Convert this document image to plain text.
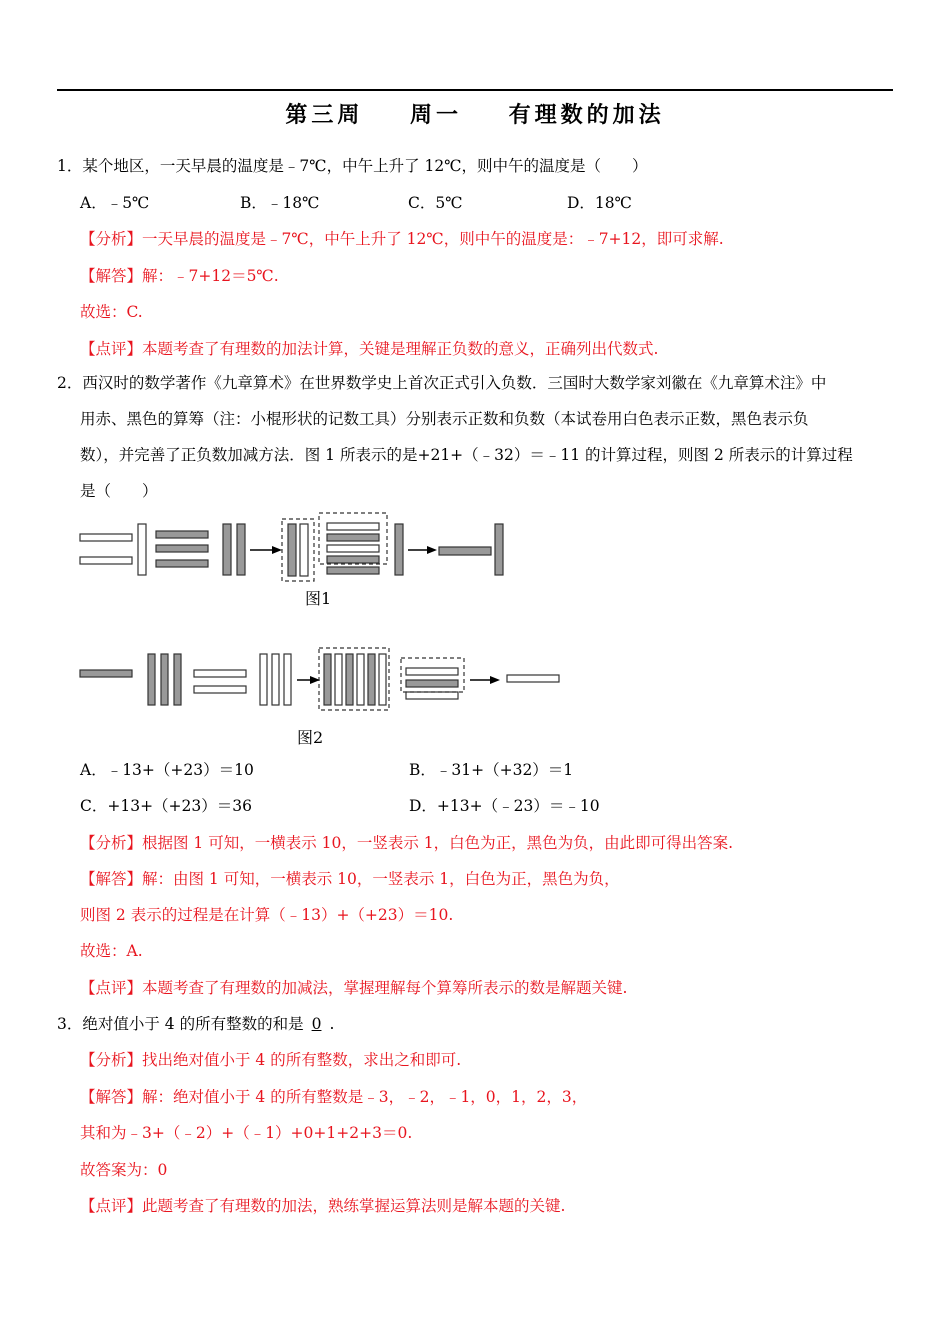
第三周    周一    有理数的加法
1．某个地区，一天早晨的温度是﹣7℃，中午上升了 12℃，则中午的温度是（　　）
A．﹣5℃	B．﹣18℃	C．5℃	D．18℃
【分析】一天早晨的温度是﹣7℃，中午上升了 12℃，则中午的温度是：﹣7+12，即可求解.
【解答】解：﹣7+12＝5℃.
故选：C.
【点评】本题考查了有理数的加法计算，关键是理解正负数的意义，正确列出代数式.
2．西汉时的数学著作《九章算术》在世界数学史上首次正式引入负数．三国时大数学家刘徽在《九章算术注》中
用赤、黑色的算筹（注：小棍形状的记数工具）分别表示正数和负数（本试卷用白色表示正数，黑色表示负
数），并完善了正负数加减方法．图 1 所表示的是+21+（﹣32）＝﹣11 的计算过程，则图 2 所表示的计算过程
是（　　）
图1
图2
A．﹣13+（+23）＝10	B．﹣31+（+32）＝1
C．+13+（+23）＝36	D．+13+（﹣23）＝﹣10
【分析】根据图 1 可知，一横表示 10，一竖表示 1，白色为正，黑色为负，由此即可得出答案.
【解答】解：由图 1 可知，一横表示 10，一竖表示 1，白色为正，黑色为负，
则图 2 表示的过程是在计算（﹣13）+（+23）＝10.
故选：A.
【点评】本题考查了有理数的加减法，掌握理解每个算筹所表示的数是解题关键.
3．绝对值小于 4 的所有整数的和是 0 .
【分析】找出绝对值小于 4 的所有整数，求出之和即可.
【解答】解：绝对值小于 4 的所有整数是﹣3，﹣2，﹣1，0，1，2，3，
其和为﹣3+（﹣2）+（﹣1）+0+1+2+3＝0.
故答案为：0
【点评】此题考查了有理数的加法，熟练掌握运算法则是解本题的关键.
